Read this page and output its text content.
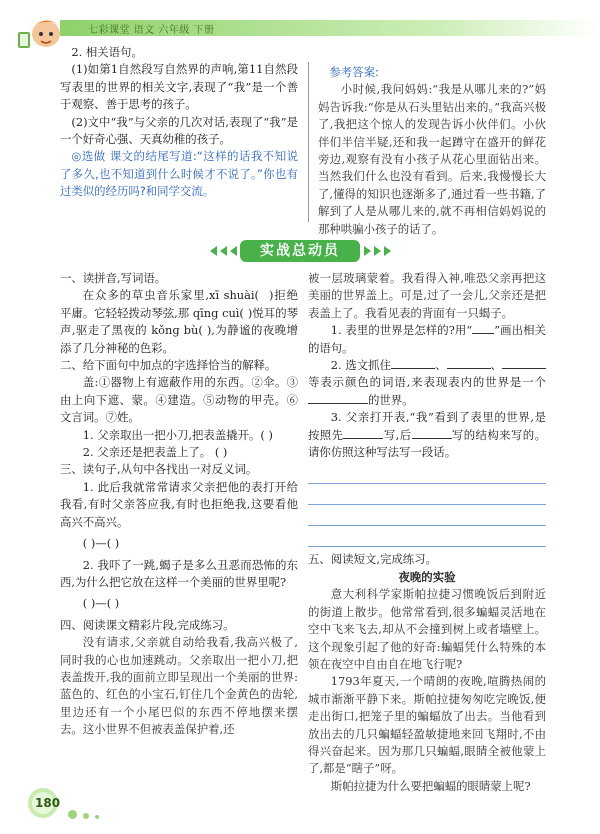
七彩课堂 语文 六年级 下册

2. 相关语句。

(1)如第1自然段写自然界的声响,第11自然段写表里的世界的相关文字,表现了“我”是一个善于观察、善于思考的孩子。

(2)文中“我”与父亲的几次对话,表现了“我”是一个好奇心强、天真幼稚的孩子。

◎选做 课文的结尾写道:“这样的话我不知说了多久,也不知道到什么时候才不说了。”你也有过类似的经历吗?和同学交流。

参考答案:

小时候,我问妈妈:“我是从哪儿来的?”妈妈告诉我:“你是从石头里钻出来的。”我高兴极了,我把这个惊人的发现告诉小伙伴们。小伙伴们半信半疑,还和我一起蹲守在盛开的鲜花旁边,观察有没有小孩子从花心里面钻出来。当然我们什么也没有看到。后来,我慢慢长大了,懂得的知识也逐渐多了,通过看一些书籍,了解到了人是从哪儿来的,就不再相信妈妈说的那种哄骗小孩子的话了。

实战总动员

一、读拼音,写词语。

在众多的草虫音乐家里,xī shuài( )拒绝平庸。它轻轻拨动琴弦,那 qīng cuì( )悦耳的琴声,驱走了黑夜的 kǒng bù( ),为静谧的夜晚增添了几分神秘的色彩。

二、给下面句中加点的字选择恰当的解释。

盖:①器物上有遮蔽作用的东西。②伞。③由上向下遮、蒙。④建造。⑤动物的甲壳。⑥文言词。⑦姓。

1. 父亲取出一把小刀,把表盖撬开。( )

2. 父亲还是把表盖上了。 ( )

三、读句子,从句中各找出一对反义词。

1. 此后我就常常请求父亲把他的表打开给我看,有时父亲答应我,有时也拒绝我,这要看他高兴不高兴。

( )—( )

2. 我吓了一跳,蝎子是多么丑恶而恐怖的东西,为什么把它放在这样一个美丽的世界里呢?

( )—( )

四、阅读课文精彩片段,完成练习。

没有请求,父亲就自动给我看,我高兴极了,同时我的心也加速跳动。父亲取出一把小刀,把表盖拨开,我的面前立即呈现出一个美丽的世界:蓝色的、红色的小宝石,钉住几个金黄色的齿轮,里边还有一个小尾巴似的东西不停地摆来摆去。这小世界不但被表盖保护着,还

被一层玻璃蒙着。我看得入神,唯恐父亲再把这美丽的世界盖上。可是,过了一会儿,父亲还是把表盖上了。我看见表的背面有一只蝎子。

1. 表里的世界是怎样的?用“ ”画出相关的语句。

2. 选文抓住	、	、等表示颜色的词语,来表现表内的世界是一个的世界。

3. 父亲打开表,“我”看到了表里的世界,是按照先	写,后	写的结构来写的。请你仿照这种写法写一段话。

五、阅读短文,完成练习。

夜晚的实验

意大利科学家斯帕拉捷习惯晚饭后到附近的街道上散步。他常常看到,很多蝙蝠灵活地在空中飞来飞去,却从不会撞到树上或者墙壁上。这个现象引起了他的好奇:蝙蝠凭什么特殊的本领在夜空中自由自在地飞行呢?

1793年夏天,一个晴朗的夜晚,喧腾热闹的城市渐渐平静下来。斯帕拉捷匆匆吃完晚饭,便走出街口,把笼子里的蝙蝠放了出去。当他看到放出去的几只蝙蝠轻盈敏捷地来回飞翔时,不由得兴奋起来。因为那几只蝙蝠,眼睛全被他蒙上了,都是“瞎子”呀。

斯帕拉捷为什么要把蝙蝠的眼睛蒙上呢?

180
